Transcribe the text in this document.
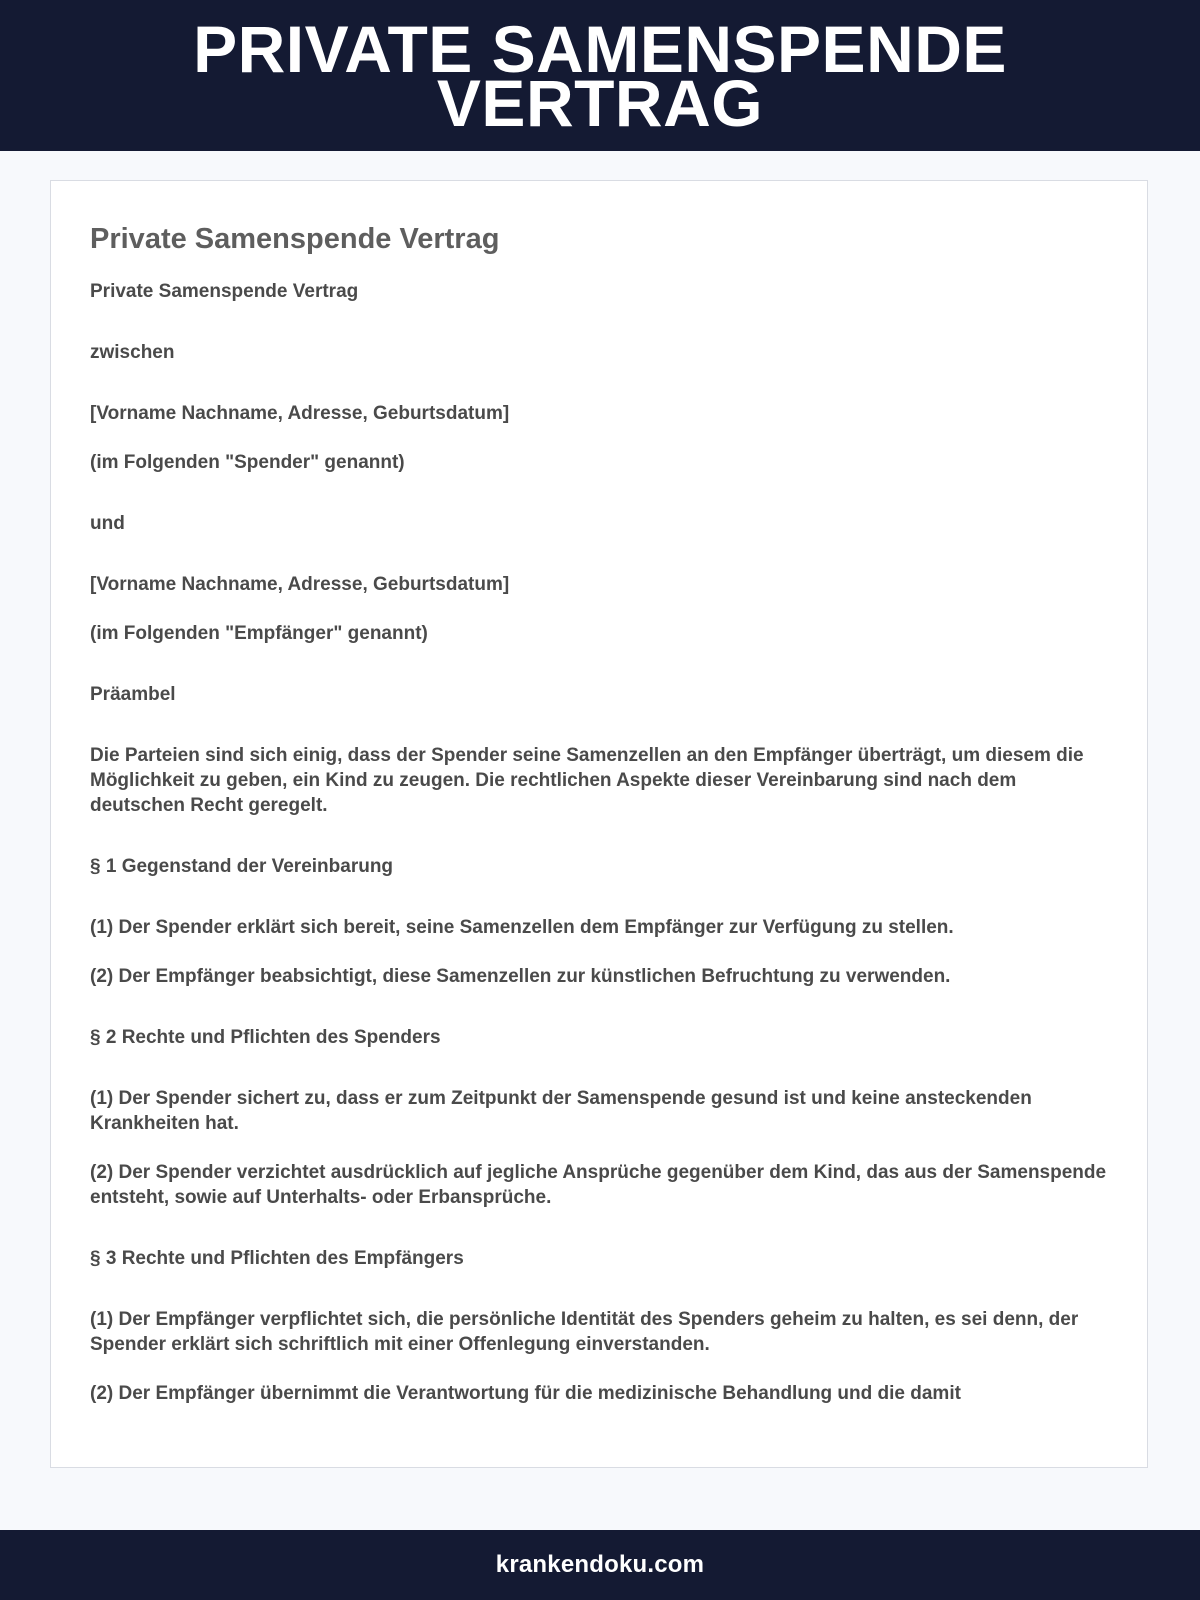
PRIVATE SAMENSPENDE VERTRAG
Private Samenspende Vertrag

Private Samenspende Vertrag

zwischen

[Vorname Nachname, Adresse, Geburtsdatum]

(im Folgenden "Spender" genannt)

und

[Vorname Nachname, Adresse, Geburtsdatum]

(im Folgenden "Empfänger" genannt)

Präambel

Die Parteien sind sich einig, dass der Spender seine Samenzellen an den Empfänger überträgt, um diesem die Möglichkeit zu geben, ein Kind zu zeugen. Die rechtlichen Aspekte dieser Vereinbarung sind nach dem deutschen Recht geregelt.

§ 1 Gegenstand der Vereinbarung

(1) Der Spender erklärt sich bereit, seine Samenzellen dem Empfänger zur Verfügung zu stellen.

(2) Der Empfänger beabsichtigt, diese Samenzellen zur künstlichen Befruchtung zu verwenden.

§ 2 Rechte und Pflichten des Spenders

(1) Der Spender sichert zu, dass er zum Zeitpunkt der Samenspende gesund ist und keine ansteckenden Krankheiten hat.

(2) Der Spender verzichtet ausdrücklich auf jegliche Ansprüche gegenüber dem Kind, das aus der Samenspende entsteht, sowie auf Unterhalts- oder Erbansprüche.

§ 3 Rechte und Pflichten des Empfängers

(1) Der Empfänger verpflichtet sich, die persönliche Identität des Spenders geheim zu halten, es sei denn, der Spender erklärt sich schriftlich mit einer Offenlegung einverstanden.

(2) Der Empfänger übernimmt die Verantwortung für die medizinische Behandlung und die damit

krankendoku.com
